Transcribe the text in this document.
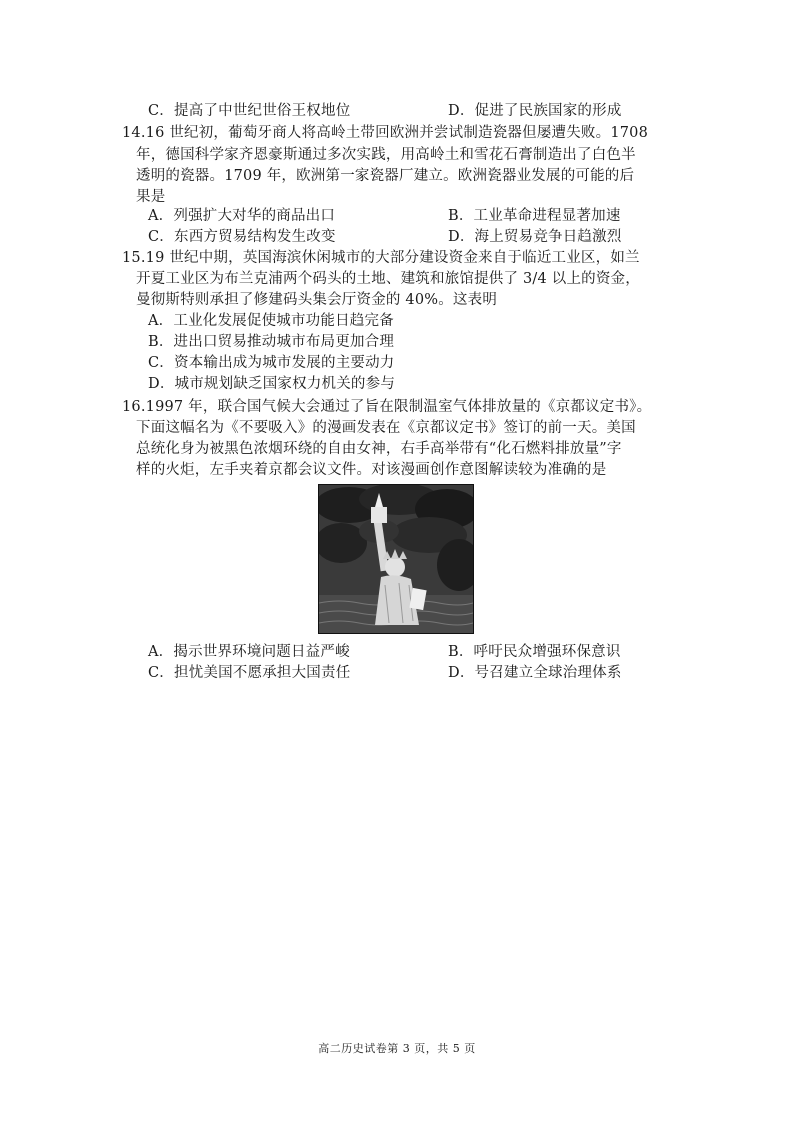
C．提高了中世纪世俗王权地位	D．促进了民族国家的形成
14.16 世纪初，葡萄牙商人将高岭土带回欧洲并尝试制造瓷器但屡遭失败。1708
年，德国科学家齐恩豪斯通过多次实践，用高岭土和雪花石膏制造出了白色半
透明的瓷器。1709 年，欧洲第一家瓷器厂建立。欧洲瓷器业发展的可能的后
果是
A．列强扩大对华的商品出口	B．工业革命进程显著加速
C．东西方贸易结构发生改变	D．海上贸易竞争日趋激烈
15.19 世纪中期，英国海滨休闲城市的大部分建设资金来自于临近工业区，如兰
开夏工业区为布兰克浦两个码头的土地、建筑和旅馆提供了 3/4 以上的资金，
曼彻斯特则承担了修建码头集会厅资金的 40%。这表明
A．工业化发展促使城市功能日趋完备
B．进出口贸易推动城市布局更加合理
C．资本输出成为城市发展的主要动力
D．城市规划缺乏国家权力机关的参与
16.1997 年，联合国气候大会通过了旨在限制温室气体排放量的《京都议定书》。
下面这幅名为《不要吸入》的漫画发表在《京都议定书》签订的前一天。美国
总统化身为被黑色浓烟环绕的自由女神，右手高举带有“化石燃料排放量”字
样的火炬，左手夹着京都会议文件。对该漫画创作意图解读较为准确的是
A．揭示世界环境问题日益严峻	B．呼吁民众增强环保意识
C．担忧美国不愿承担大国责任	D．号召建立全球治理体系
高二历史试卷第 3 页，共 5 页
